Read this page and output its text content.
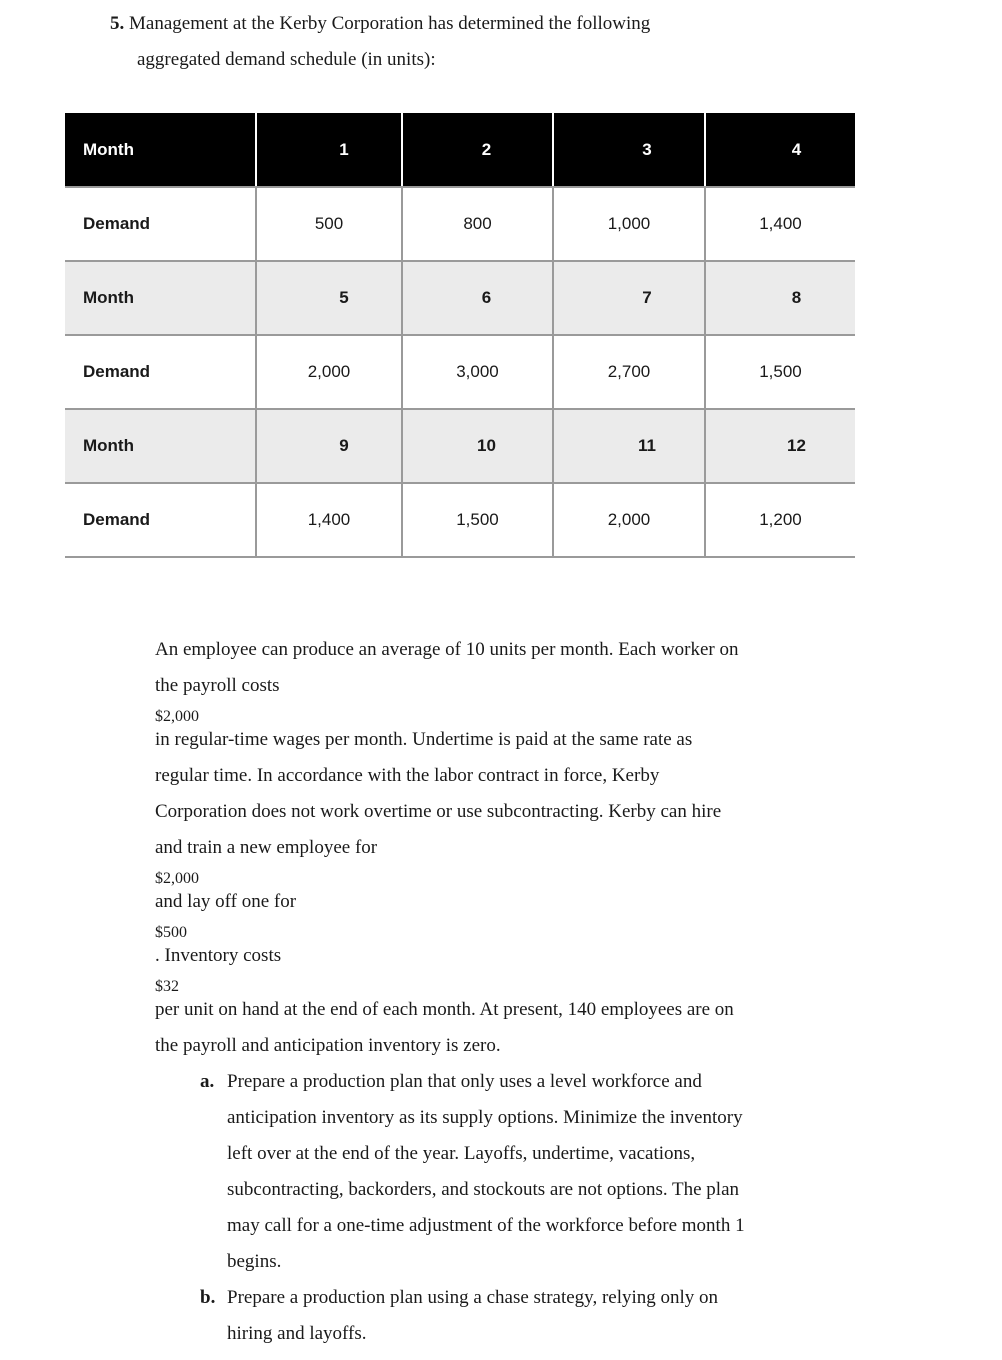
5. Management at the Kerby Corporation has determined the following
aggregated demand schedule (in units):
Month	1	2	3	4
Demand	500	800	1,000	1,400
Month	5	6	7	8
Demand	2,000	3,000	2,700	1,500
Month	9	10	11	12
Demand	1,400	1,500	2,000	1,200
An employee can produce an average of 10 units per month. Each worker on
the payroll costs
$2,000
in regular-time wages per month. Undertime is paid at the same rate as
regular time. In accordance with the labor contract in force, Kerby
Corporation does not work overtime or use subcontracting. Kerby can hire
and train a new employee for
$2,000
and lay off one for
$500
. Inventory costs
$32
per unit on hand at the end of each month. At present, 140 employees are on
the payroll and anticipation inventory is zero.
a. Prepare a production plan that only uses a level workforce and
anticipation inventory as its supply options. Minimize the inventory
left over at the end of the year. Layoffs, undertime, vacations,
subcontracting, backorders, and stockouts are not options. The plan
may call for a one-time adjustment of the workforce before month 1
begins.
b. Prepare a production plan using a chase strategy, relying only on
hiring and layoffs.
